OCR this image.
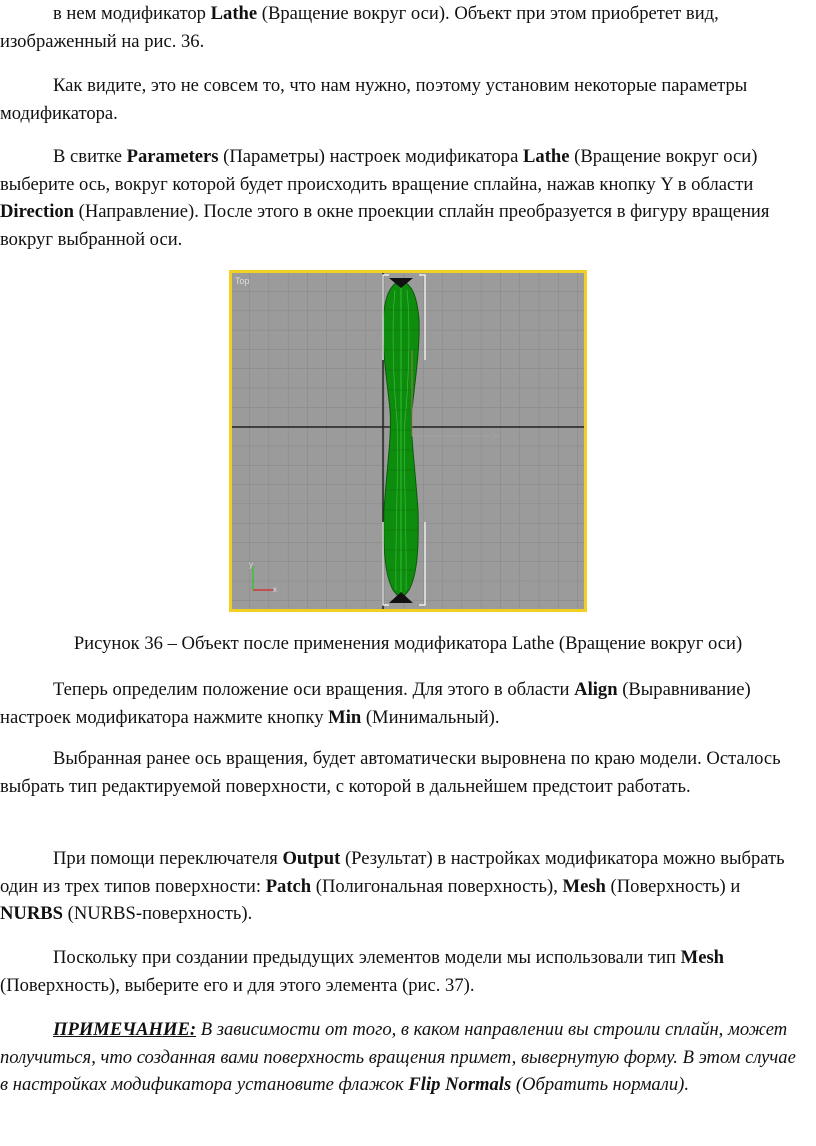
в нем модификатор Lathe (Вращение вокруг оси). Объект при этом приобретет вид, изображенный на рис. 36.

Как видите, это не совсем то, что нам нужно, поэтому установим некоторые параметры модификатора.

В свитке Parameters (Параметры) настроек модификатора Lathe (Вращение вокруг оси) выберите ось, вокруг которой будет происходить вращение сплайна, нажав кнопку Y в области Direction (Направление). После этого в окне проекции сплайн преобразуется в фигуру вращения вокруг выбранной оси.

Top
y
x

Рисунок 36 – Объект после применения модификатора Lathe (Вращение вокруг оси)

Теперь определим положение оси вращения. Для этого в области Align (Выравнивание) настроек модификатора нажмите кнопку Min (Минимальный).

Выбранная ранее ось вращения, будет автоматически выровнена по краю модели. Осталось выбрать тип редактируемой поверхности, с которой в дальнейшем предстоит работать.

При помощи переключателя Output (Результат) в настройках модификатора можно выбрать один из трех типов поверхности: Patch (Полигональная поверхность), Mesh (Поверхность) и NURBS (NURBS-поверхность).

Поскольку при создании предыдущих элементов модели мы использовали тип Mesh (Поверхность), выберите его и для этого элемента (рис. 37).

ПРИМЕЧАНИЕ: В зависимости от того, в каком направлении вы строили сплайн, может получиться, что созданная вами поверхность вращения примет, вывернутую форму. В этом случае в настройках модификатора установите флажок Flip Normals (Обратить нормали).
